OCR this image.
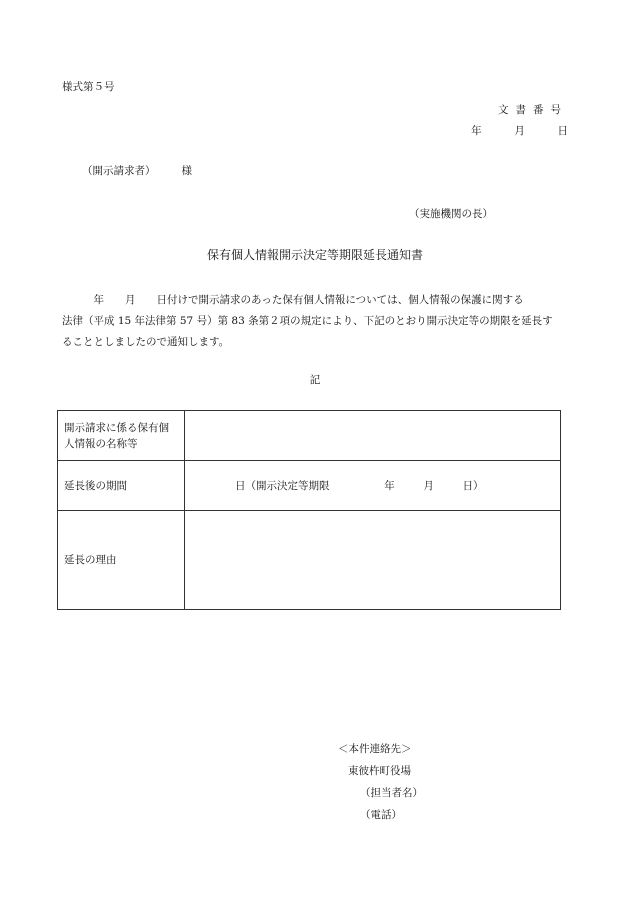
様式第５号
文書番号
年	月	日
（開示請求者） 様
（実施機関の長）
保有個人情報開示決定等期限延長通知書

　　　年　　月　　日付けで開示請求のあった保有個人情報については、個人情報の保護に関する

法律（平成 15 年法律第 57 号）第 83 条第２項の規定により、下記のとおり開示決定等の期限を延長す

ることとしましたので通知します。

記
開示請求に係る保有個人情報の名称等	
延長後の期間	日（開示決定等期限 年 月 日）

延長の理由	
＜本件連絡先＞
東彼杵町役場
（担当者名）
（電話）
